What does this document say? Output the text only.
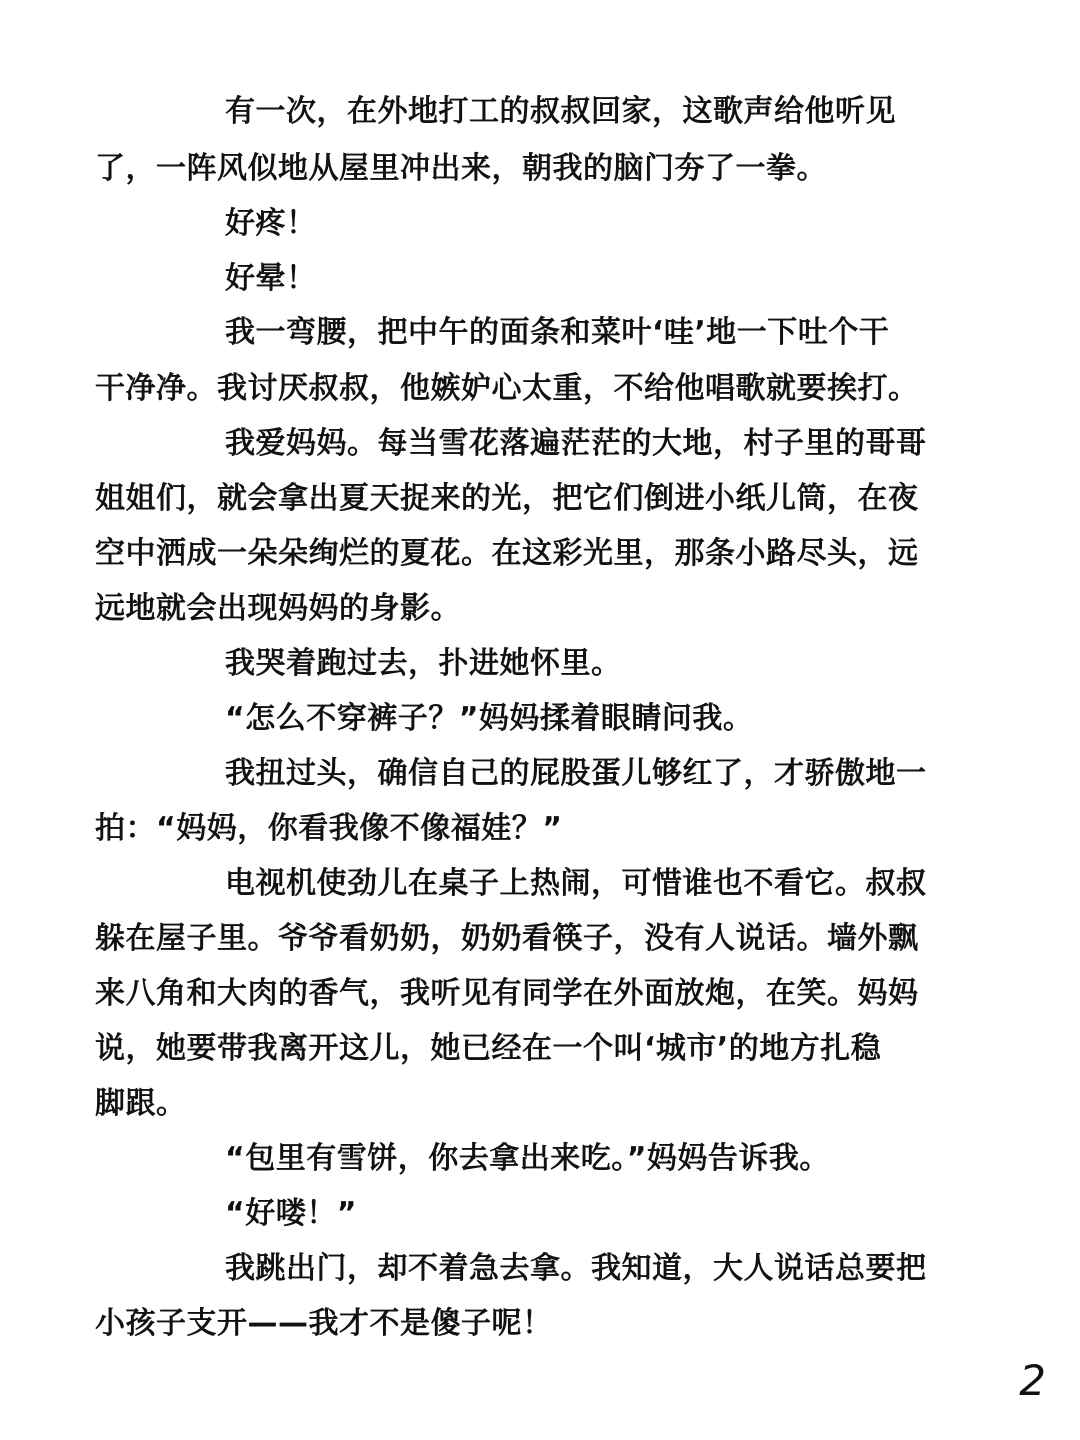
有一次，在外地打工的叔叔回家，这歌声给他听见
了，一阵风似地从屋里冲出来，朝我的脑门夯了一拳。
好疼！
好晕！
我一弯腰，把中午的面条和菜叶‘哇’地一下吐个干
干净净。我讨厌叔叔，他嫉妒心太重，不给他唱歌就要挨打。
我爱妈妈。每当雪花落遍茫茫的大地，村子里的哥哥
姐姐们，就会拿出夏天捉来的光，把它们倒进小纸儿筒，在夜
空中洒成一朵朵绚烂的夏花。在这彩光里，那条小路尽头，远
远地就会出现妈妈的身影。
我哭着跑过去，扑进她怀里。
“怎么不穿裤子？”妈妈揉着眼睛问我。
我扭过头，确信自己的屁股蛋儿够红了，才骄傲地一
拍：“妈妈，你看我像不像福娃？”
电视机使劲儿在桌子上热闹，可惜谁也不看它。叔叔
躲在屋子里。爷爷看奶奶，奶奶看筷子，没有人说话。墙外飘
来八角和大肉的香气，我听见有同学在外面放炮，在笑。妈妈
说，她要带我离开这儿，她已经在一个叫‘城市’的地方扎稳
脚跟。
“包里有雪饼，你去拿出来吃。”妈妈告诉我。
“好喽！”
我跳出门，却不着急去拿。我知道，大人说话总要把
小孩子支开——我才不是傻子呢！
2
